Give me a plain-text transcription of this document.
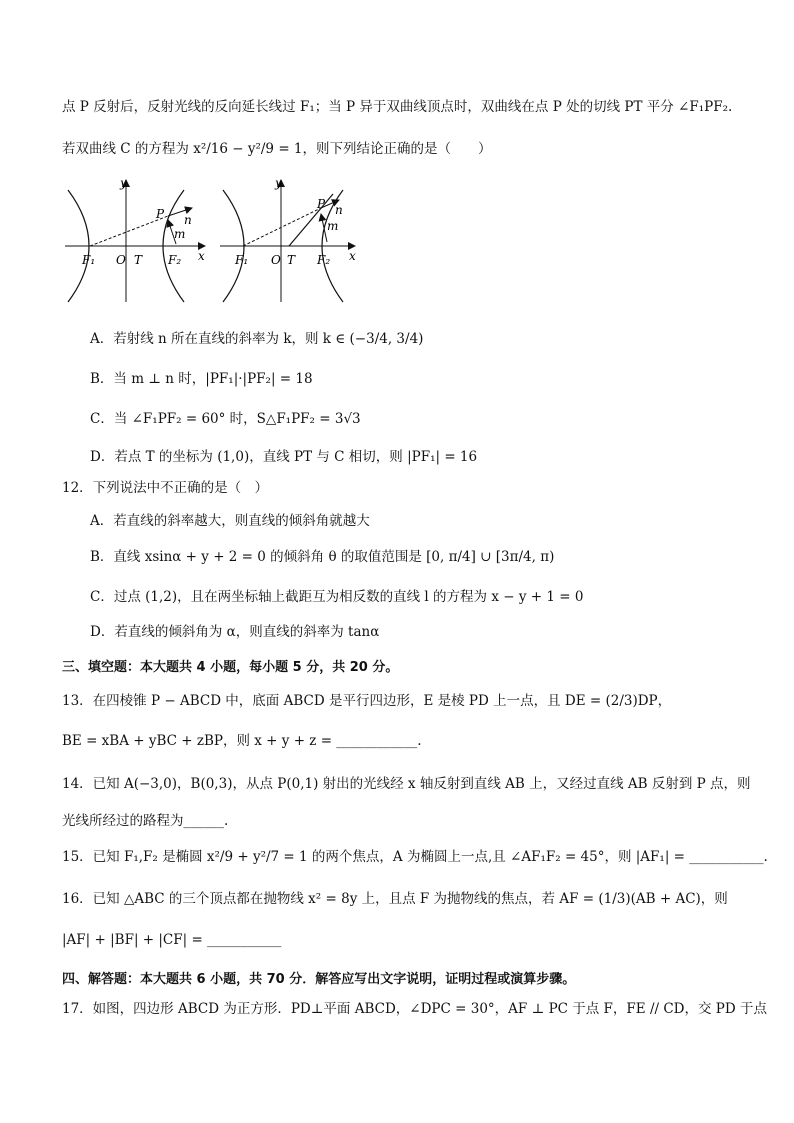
点 P 反射后，反射光线的反向延长线过 F₁；当 P 异于双曲线顶点时，双曲线在点 P 处的切线 PT 平分 ∠F₁PF₂.
若双曲线 C 的方程为 x²/16 − y²/9 = 1，则下列结论正确的是（　　）
y
x
P n
m
F₁ O T F₂
y
x
P n
m
F₁ O T F₂
A．若射线 n 所在直线的斜率为 k，则 k ∈ (−3/4, 3/4)
B．当 m ⊥ n 时，|PF₁|·|PF₂| = 18
C．当 ∠F₁PF₂ = 60° 时，S△F₁PF₂ = 3√3
D．若点 T 的坐标为 (1,0)，直线 PT 与 C 相切，则 |PF₁| = 16
12．下列说法中不正确的是（　）
A．若直线的斜率越大，则直线的倾斜角就越大
B．直线 xsinα + y + 2 = 0 的倾斜角 θ 的取值范围是 [0, π/4] ∪ [3π/4, π)
C．过点 (1,2)，且在两坐标轴上截距互为相反数的直线 l 的方程为 x − y + 1 = 0
D．若直线的倾斜角为 α，则直线的斜率为 tanα
三、填空题：本大题共 4 小题，每小题 5 分，共 20 分。
13．在四棱锥 P − ABCD 中，底面 ABCD 是平行四边形，E 是棱 PD 上一点，且 DE = (2/3)DP，
BE = xBA + yBC + zBP，则 x + y + z = ____________.
14．已知 A(−3,0)，B(0,3)，从点 P(0,1) 射出的光线经 x 轴反射到直线 AB 上，又经过直线 AB 反射到 P 点，则
光线所经过的路程为______.
15．已知 F₁,F₂ 是椭圆 x²/9 + y²/7 = 1 的两个焦点，A 为椭圆上一点,且 ∠AF₁F₂ = 45°，则 |AF₁| = ___________.
16．已知 △ABC 的三个顶点都在抛物线 x² = 8y 上，且点 F 为抛物线的焦点，若 AF = (1/3)(AB + AC)，则
|AF| + |BF| + |CF| = ___________
四、解答题：本大题共 6 小题，共 70 分．解答应写出文字说明，证明过程或演算步骤。
17．如图，四边形 ABCD 为正方形．PD⊥平面 ABCD，∠DPC = 30°，AF ⊥ PC 于点 F，FE // CD，交 PD 于点
